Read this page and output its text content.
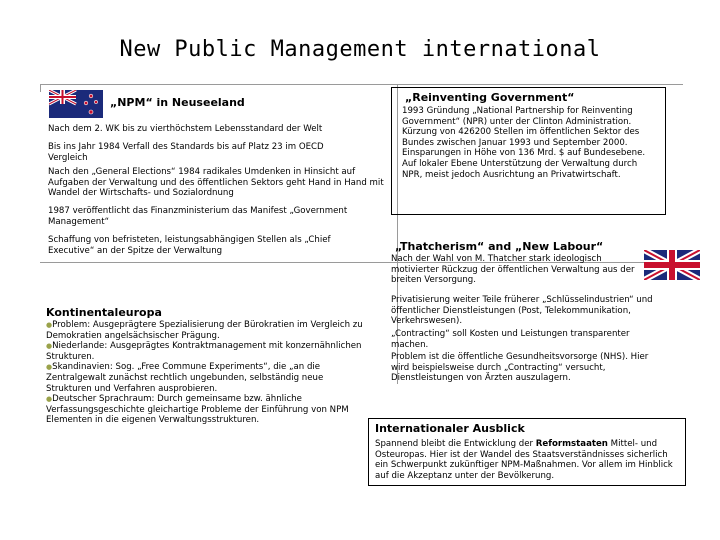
New Public Management international
„NPM“ in Neuseeland
Nach dem 2. WK bis zu vierthöchstem Lebensstandard der Welt
Bis ins Jahr 1984 Verfall des Standards bis auf Platz 23 im OECD Vergleich
Nach den „General Elections“ 1984 radikales Umdenken in Hinsicht auf Aufgaben der Verwaltung und des öffentlichen Sektors geht Hand in Hand mit Wandel der Wirtschafts- und Sozialordnung
1987 veröffentlicht das Finanzministerium das Manifest „Government Management“
Schaffung von befristeten, leistungsabhängigen Stellen als „Chief Executive“ an der Spitze der Verwaltung
„Reinventing Government“
1993 Gründung „National Partnership for Reinventing Government“ (NPR) unter der Clinton Administration.
Kürzung von 426200 Stellen im öffentlichen Sektor des Bundes zwischen Januar 1993 und September 2000.
Einsparungen in Höhe von 136 Mrd. $ auf Bundesebene.
Auf lokaler Ebene Unterstützung der Verwaltung durch NPR, meist jedoch Ausrichtung an Privatwirtschaft.
„Thatcherism“ and „New Labour“
Nach der Wahl von M. Thatcher stark ideologisch motivierter Rückzug der öffentlichen Verwaltung aus der breiten Versorgung.
Privatisierung weiter Teile früherer „Schlüsselindustrien“ und öffentlicher Dienstleistungen (Post, Telekommunikation, Verkehrswesen).
„Contracting“ soll Kosten und Leistungen transparenter machen.
Problem ist die öffentliche Gesundheitsvorsorge (NHS). Hier wird beispielsweise durch „Contracting“ versucht, Dienstleistungen von Ärzten auszulagern.
Kontinentaleuropa
●Problem: Ausgeprägtere Spezialisierung der Bürokratien im Vergleich zu Demokratien angelsächsischer Prägung.
●Niederlande: Ausgeprägtes Kontraktmanagement mit konzernähnlichen Strukturen.
●Skandinavien: Sog. „Free Commune Experiments“, die „an die Zentralgewalt zunächst rechtlich ungebunden, selbständig neue Strukturen und Verfahren ausprobieren.
●Deutscher Sprachraum: Durch gemeinsame bzw. ähnliche Verfassungsgeschichte gleichartige Probleme der Einführung von NPM Elementen in die eigenen Verwaltungsstrukturen.
Internationaler Ausblick
Spannend bleibt die Entwicklung der Reformstaaten Mittel- und Osteuropas. Hier ist der Wandel des Staatsverständnisses sicherlich ein Schwerpunkt zukünftiger NPM-Maßnahmen. Vor allem im Hinblick auf die Akzeptanz unter der Bevölkerung.
